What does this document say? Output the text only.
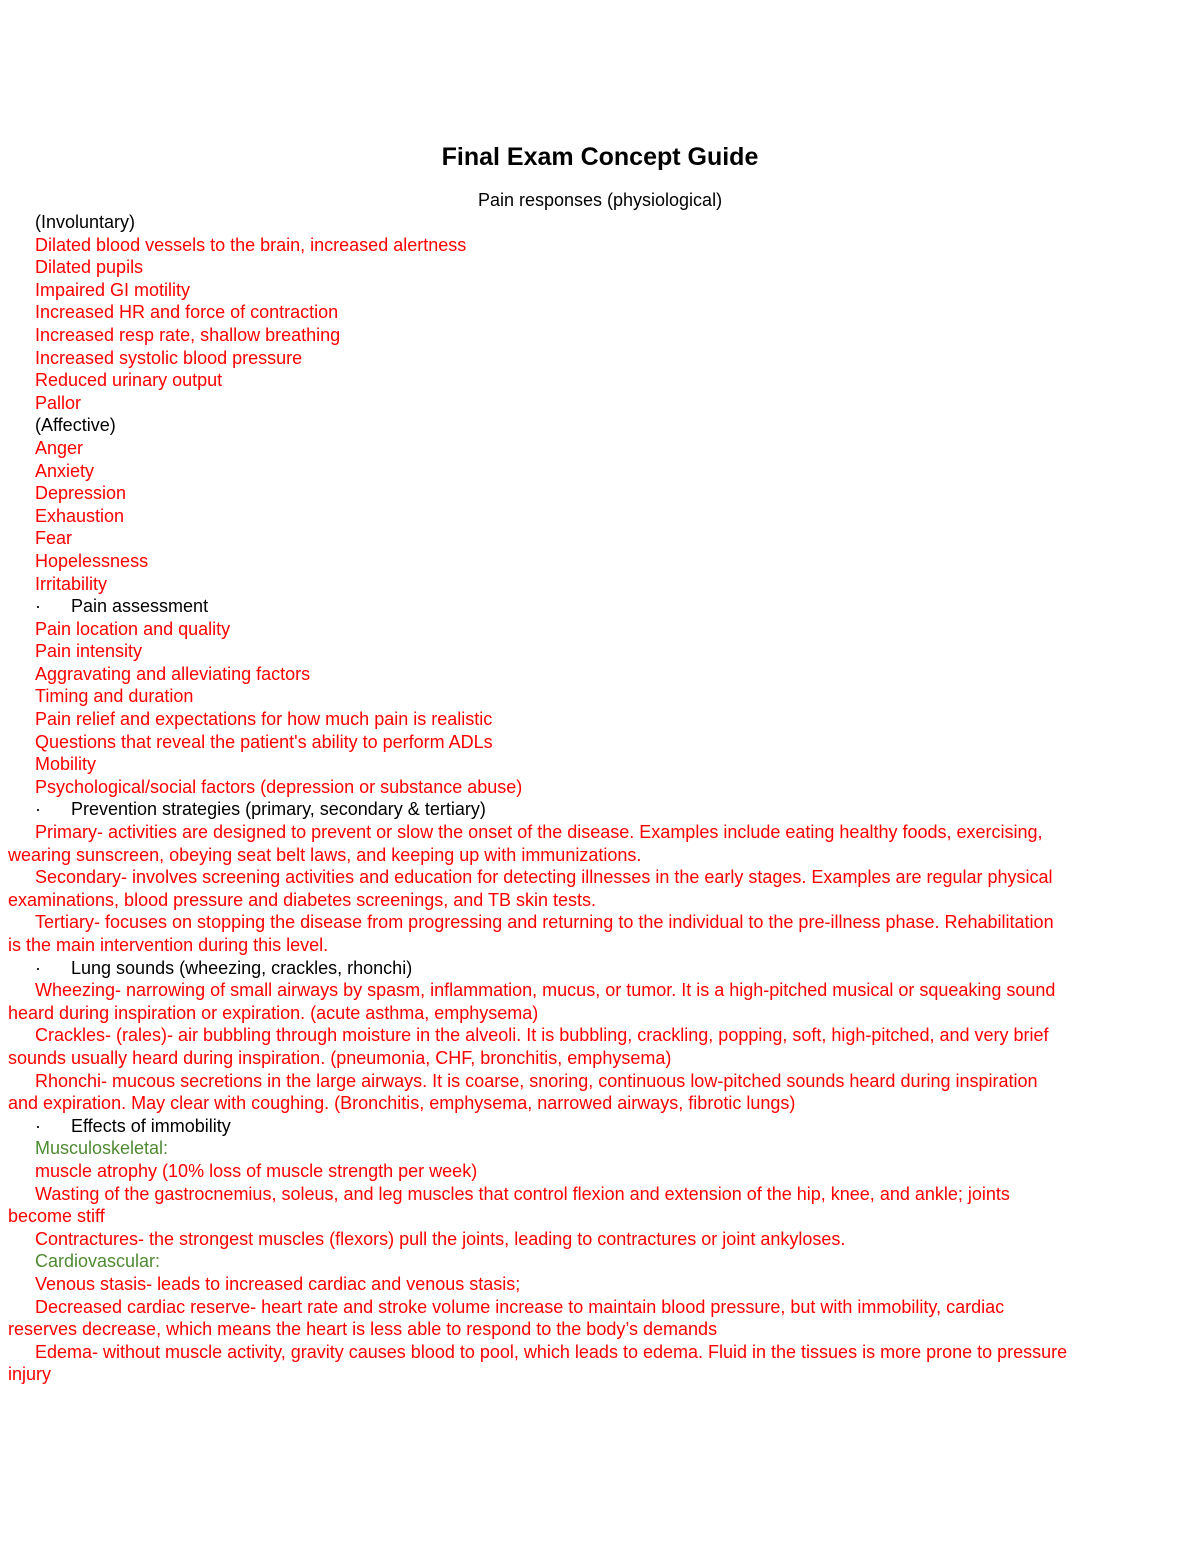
Final Exam Concept Guide
Pain responses (physiological)
(Involuntary)
Dilated blood vessels to the brain, increased alertness
Dilated pupils
Impaired GI motility
Increased HR and force of contraction
Increased resp rate, shallow breathing
Increased systolic blood pressure
Reduced urinary output
Pallor
(Affective)
Anger
Anxiety
Depression
Exhaustion
Fear
Hopelessness
Irritability
· Pain assessment
Pain location and quality
Pain intensity
Aggravating and alleviating factors
Timing and duration
Pain relief and expectations for how much pain is realistic
Questions that reveal the patient's ability to perform ADLs
Mobility
Psychological/social factors (depression or substance abuse)
· Prevention strategies (primary, secondary & tertiary)

Primary- activities are designed to prevent or slow the onset of the disease. Examples include eating healthy foods, exercising, wearing sunscreen, obeying seat belt laws, and keeping up with immunizations.

Secondary- involves screening activities and education for detecting illnesses in the early stages. Examples are regular physical examinations, blood pressure and diabetes screenings, and TB skin tests.

Tertiary- focuses on stopping the disease from progressing and returning to the individual to the pre-illness phase. Rehabilitation is the main intervention during this level.

· Lung sounds (wheezing, crackles, rhonchi)

Wheezing- narrowing of small airways by spasm, inflammation, mucus, or tumor. It is a high-pitched musical or squeaking sound heard during inspiration or expiration. (acute asthma, emphysema)

Crackles- (rales)- air bubbling through moisture in the alveoli. It is bubbling, crackling, popping, soft, high-pitched, and very brief sounds usually heard during inspiration. (pneumonia, CHF, bronchitis, emphysema)

Rhonchi- mucous secretions in the large airways. It is coarse, snoring, continuous low-pitched sounds heard during inspiration and expiration. May clear with coughing. (Bronchitis, emphysema, narrowed airways, fibrotic lungs)

· Effects of immobility
Musculoskeletal:

muscle atrophy (10% loss of muscle strength per week)

Wasting of the gastrocnemius, soleus, and leg muscles that control flexion and extension of the hip, knee, and ankle; joints become stiff

Contractures- the strongest muscles (flexors) pull the joints, leading to contractures or joint ankyloses.

Cardiovascular:

Venous stasis- leads to increased cardiac and venous stasis;

Decreased cardiac reserve- heart rate and stroke volume increase to maintain blood pressure, but with immobility, cardiac reserves decrease, which means the heart is less able to respond to the body’s demands

Edema- without muscle activity, gravity causes blood to pool, which leads to edema. Fluid in the tissues is more prone to pressure injury
